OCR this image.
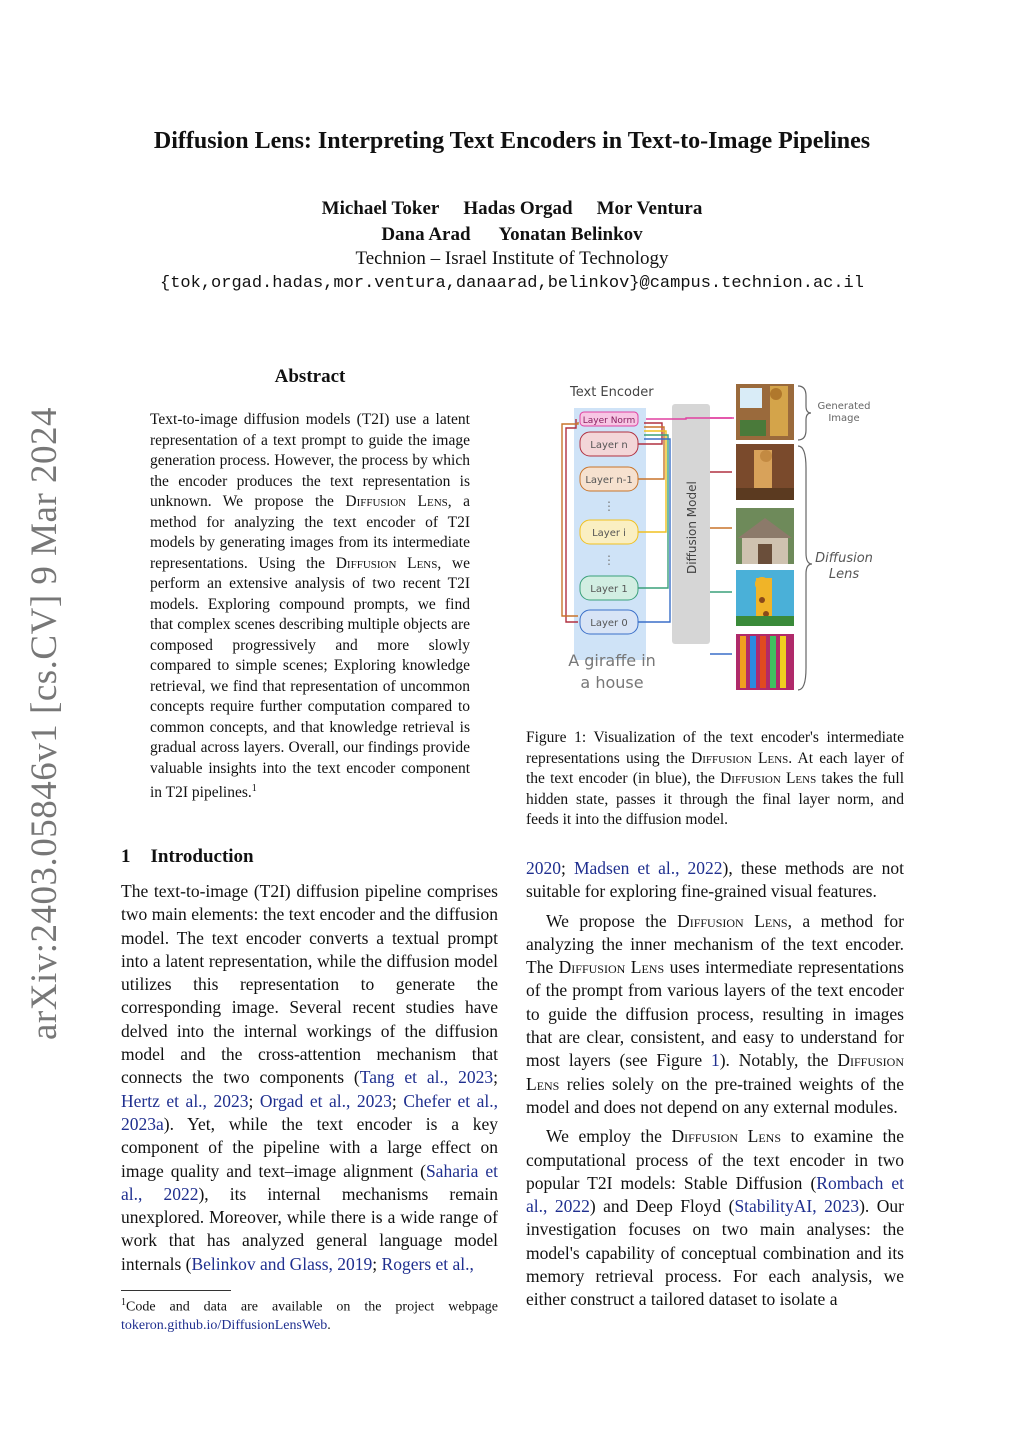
arXiv:2403.05846v1 [cs.CV] 9 Mar 2024
Diffusion Lens: Interpreting Text Encoders in Text-to-Image Pipelines
Michael Toker Hadas Orgad Mor Ventura
Dana Arad Yonatan Belinkov
Technion – Israel Institute of Technology
{tok,orgad.hadas,mor.ventura,danaarad,belinkov}@campus.technion.ac.il
Abstract
Text-to-image diffusion models (T2I) use a latent representation of a text prompt to guide the image generation process. However, the process by which the encoder produces the text representation is unknown. We propose the Diffusion Lens, a method for analyzing the text encoder of T2I models by generating images from its intermediate representations. Using the Diffusion Lens, we perform an extensive analysis of two recent T2I models. Exploring compound prompts, we find that complex scenes describing multiple objects are composed progressively and more slowly compared to simple scenes; Exploring knowledge retrieval, we find that representation of uncommon concepts require further computation compared to common concepts, and that knowledge retrieval is gradual across layers. Overall, our findings provide valuable insights into the text encoder component in T2I pipelines.$^1$
1 Introduction
The text-to-image (T2I) diffusion pipeline comprises two main elements: the text encoder and the diffusion model. The text encoder converts a textual prompt into a latent representation, while the diffusion model utilizes this representation to generate the corresponding image. Several recent studies have delved into the internal workings of the diffusion model and the cross-attention mechanism that connects the two components (Tang et al., 2023; Hertz et al., 2023; Orgad et al., 2023; Chefer et al., 2023a). Yet, while the text encoder is a key component of the pipeline with a large effect on image quality and text–image alignment (Saharia et al., 2022), its internal mechanisms remain unexplored. Moreover, while there is a wide range of work that has analyzed general language model internals (Belinkov and Glass, 2019; Rogers et al.,
$^1$Code and data are available on the project webpage tokeron.github.io/DiffusionLensWeb.
Text Encoder
Diffusion Model
Layer Norm
Layer n
Layer n-1
⋮
Layer i
⋮
Layer 1
Layer 0
A giraffe in
a house
Generated
Image
Diffusion
Lens
Figure 1: Visualization of the text encoder's intermediate representations using the Diffusion Lens. At each layer of the text encoder (in blue), the Diffusion Lens takes the full hidden state, passes it through the final layer norm, and feeds it into the diffusion model.

2020; Madsen et al., 2022), these methods are not suitable for exploring fine-grained visual features.

We propose the Diffusion Lens, a method for analyzing the inner mechanism of the text encoder. The Diffusion Lens uses intermediate representations of the prompt from various layers of the text encoder to guide the diffusion process, resulting in images that are clear, consistent, and easy to understand for most layers (see Figure 1). Notably, the Diffusion Lens relies solely on the pre-trained weights of the model and does not depend on any external modules.

We employ the Diffusion Lens to examine the computational process of the text encoder in two popular T2I models: Stable Diffusion (Rombach et al., 2022) and Deep Floyd (StabilityAI, 2023). Our investigation focuses on two main analyses: the model's capability of conceptual combination and its memory retrieval process. For each analysis, we either construct a tailored dataset to isolate a
